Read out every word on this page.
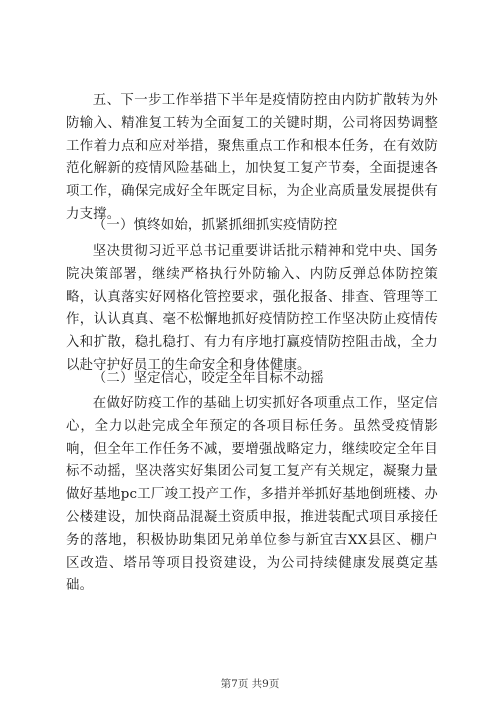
五、下一步工作举措下半年是疫情防控由内防扩散转为外防输入、精准复工转为全面复工的关键时期，公司将因势调整工作着力点和应对举措，聚焦重点工作和根本任务，在有效防范化解新的疫情风险基础上，加快复工复产节奏，全面提速各项工作，确保完成好全年既定目标，为企业高质量发展提供有力支撑。

（一）慎终如始，抓紧抓细抓实疫情防控

坚决贯彻习近平总书记重要讲话批示精神和党中央、国务院决策部署，继续严格执行外防输入、内防反弹总体防控策略，认真落实好网格化管控要求，强化报备、排查、管理等工作，认认真真、毫不松懈地抓好疫情防控工作坚决防止疫情传入和扩散，稳扎稳打、有力有序地打赢疫情防控阻击战，全力以赴守护好员工的生命安全和身体健康。

（二）坚定信心，咬定全年目标不动摇

在做好防疫工作的基础上切实抓好各项重点工作，坚定信心，全力以赴完成全年预定的各项目标任务。虽然受疫情影响，但全年工作任务不减，要增强战略定力，继续咬定全年目标不动摇，坚决落实好集团公司复工复产有关规定，凝聚力量做好基地pc工厂竣工投产工作，多措并举抓好基地倒班楼、办公楼建设，加快商品混凝土资质申报，推进装配式项目承接任务的落地，积极协助集团兄弟单位参与新宜吉XX县区、棚户区改造、塔吊等项目投资建设，为公司持续健康发展奠定基础。

第7页 共9页
